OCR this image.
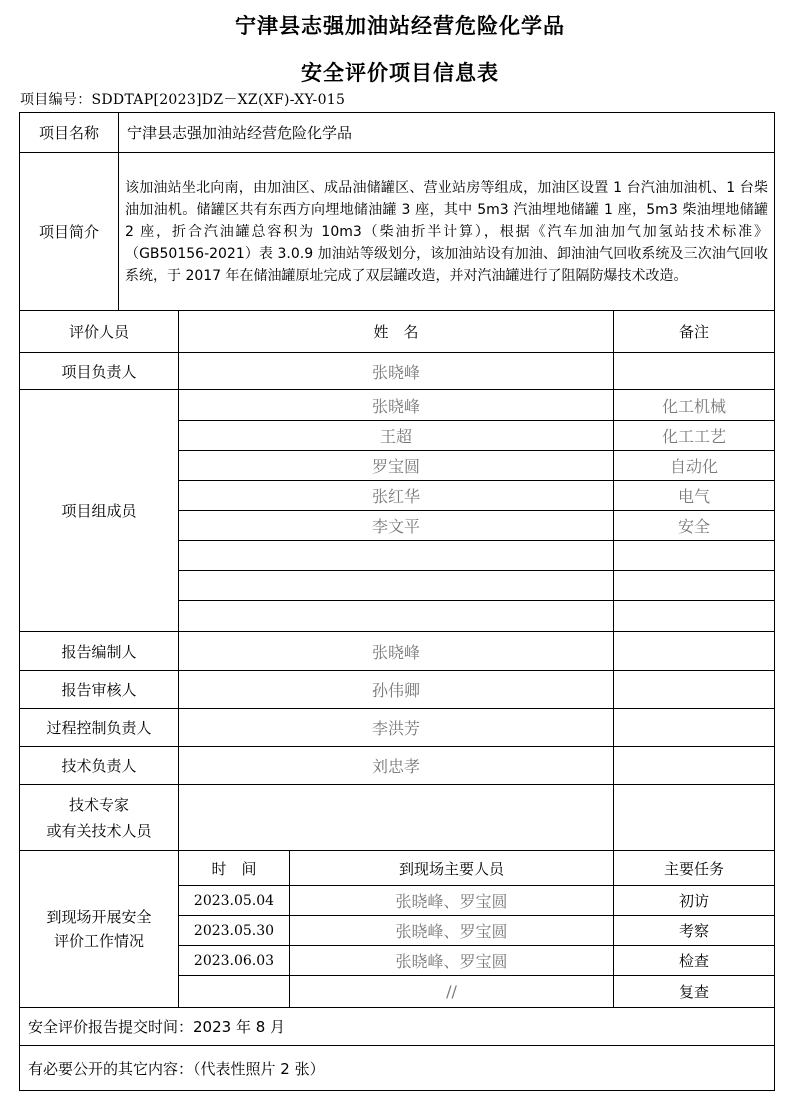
宁津县志强加油站经营危险化学品
安全评价项目信息表
项目编号：SDDTAP[2023]DZ－XZ(XF)-XY-015
项目名称	宁津县志强加油站经营危险化学品			
项目简介	该加油站坐北向南，由加油区、成品油储罐区、营业站房等组成，加油区设置 1 台汽油加油机、1 台柴油加油机。储罐区共有东西方向埋地储油罐 3 座，其中 5m3 汽油埋地储罐 1 座，5m3 柴油埋地储罐 2 座，折合汽油罐总容积为 10m3（柴油折半计算），根据《汽车加油加气加氢站技术标准》（GB50156-2021）表 3.0.9 加油站等级划分，该加油站设有加油、卸油油气回收系统及三次油气回收系统，于 2017 年在储油罐原址完成了双层罐改造，并对汽油罐进行了阻隔防爆技术改造。			
评价人员		姓　名		备注
项目负责人		张晓峰		
项目组成员		张晓峰		化工机械
		王超		化工工艺
		罗宝圆		自动化
		张红华		电气
		李文平		安全

报告编制人		张晓峰		
报告审核人		孙伟卿		
过程控制负责人		李洪芳		
技术负责人		刘忠孝		

技术专家
或有关技术人员				

到现场开展安全
评价工作情况		时　间	到现场主要人员	主要任务
		2023.05.04	张晓峰、罗宝圆	初访
		2023.05.30	张晓峰、罗宝圆	考察
		2023.06.03	张晓峰、罗宝圆	检查
			//	复查
安全评价报告提交时间：2023 年 8 月				
有必要公开的其它内容：（代表性照片 2 张）				
